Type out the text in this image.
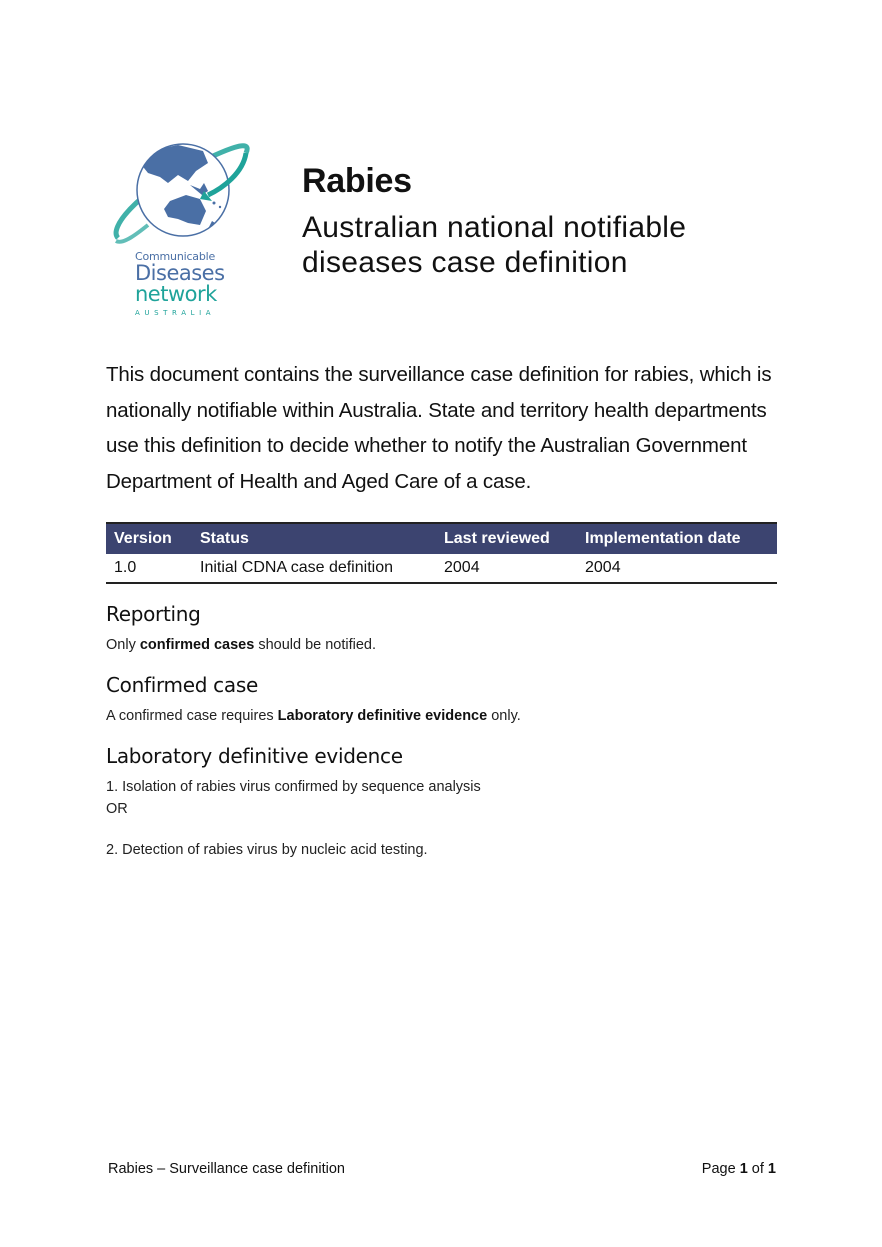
Communicable
Diseases
network
AUSTRALIA
Rabies
Australian national notifiable diseases case definition
This document contains the surveillance case definition for rabies, which is nationally notifiable within Australia. State and territory health departments use this definition to decide whether to notify the Australian Government Department of Health and Aged Care of a case.
Version	Status	Last reviewed	Implementation date
1.0	Initial CDNA case definition	2004	2004
Reporting
Only confirmed cases should be notified.
Confirmed case
A confirmed case requires Laboratory definitive evidence only.
Laboratory definitive evidence
1. Isolation of rabies virus confirmed by sequence analysis
OR
2. Detection of rabies virus by nucleic acid testing.
Rabies – Surveillance case definition	Page 1 of 1
